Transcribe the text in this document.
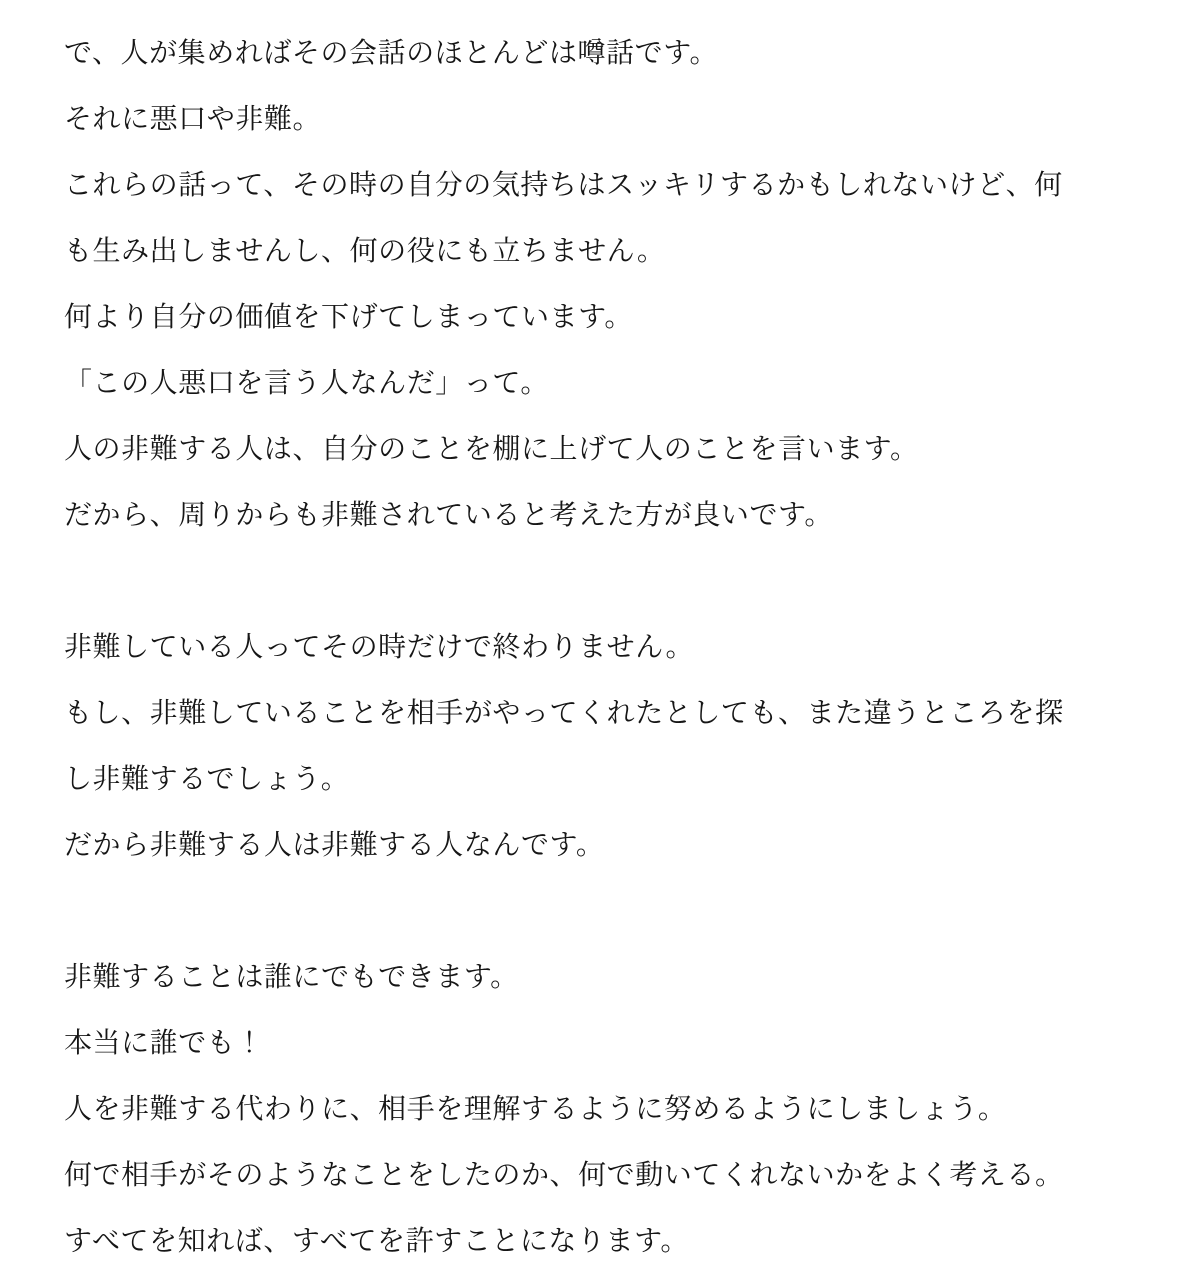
で、人が集めればその会話のほとんどは噂話です。
それに悪口や非難。
これらの話って、その時の自分の気持ちはスッキリするかもしれないけど、何
も生み出しませんし、何の役にも立ちません。
何より自分の価値を下げてしまっています。
「この人悪口を言う人なんだ」って。
人の非難する人は、自分のことを棚に上げて人のことを言います。
だから、周りからも非難されていると考えた方が良いです。

非難している人ってその時だけで終わりません。
もし、非難していることを相手がやってくれたとしても、また違うところを探
し非難するでしょう。
だから非難する人は非難する人なんです。

非難することは誰にでもできます。
本当に誰でも！
人を非難する代わりに、相手を理解するように努めるようにしましょう。
何で相手がそのようなことをしたのか、何で動いてくれないかをよく考える。
すべてを知れば、すべてを許すことになります。
